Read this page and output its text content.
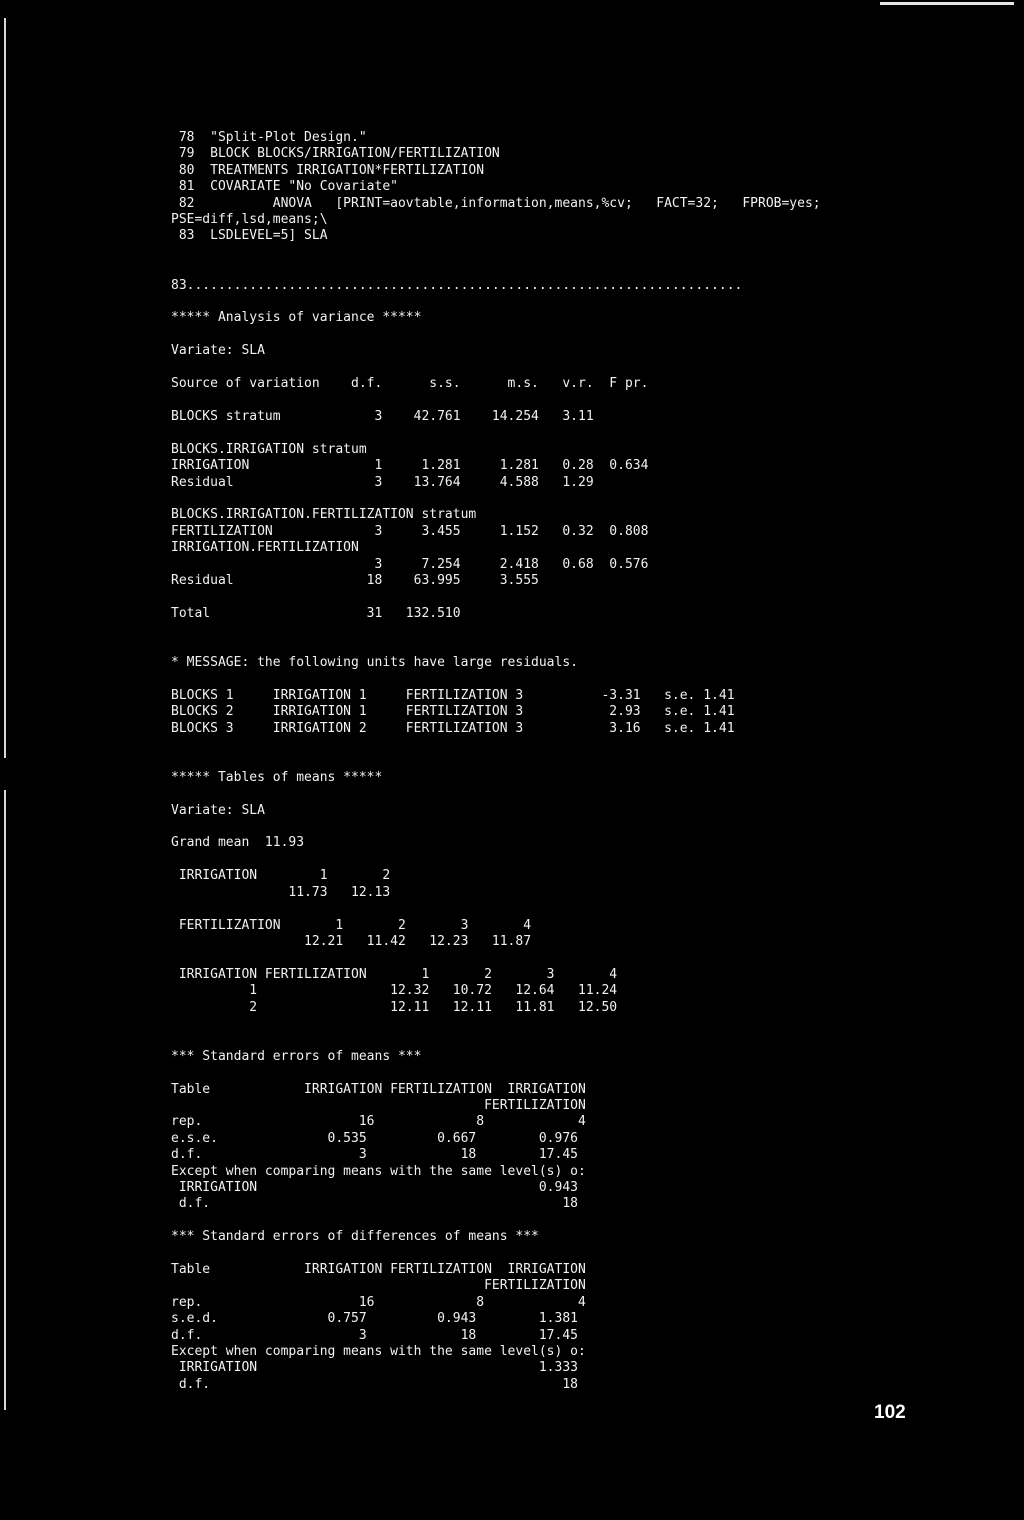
78  "Split-Plot Design."
79  BLOCK BLOCKS/IRRIGATION/FERTILIZATION
80  TREATMENTS IRRIGATION*FERTILIZATION
81  COVARIATE "No Covariate"
82          ANOVA   [PRINT=aovtable,information,means,%cv;   FACT=32;   FPROB=yes;
PSE=diff,lsd,means;\
83  LSDLEVEL=5] SLA

83.......................................................................

***** Analysis of variance *****

Variate: SLA

Source of variation    d.f.      s.s.      m.s.   v.r.  F pr.

BLOCKS stratum            3    42.761    14.254   3.11

BLOCKS.IRRIGATION stratum
IRRIGATION                1     1.281     1.281   0.28  0.634
Residual                  3    13.764     4.588   1.29

BLOCKS.IRRIGATION.FERTILIZATION stratum
FERTILIZATION             3     3.455     1.152   0.32  0.808
IRRIGATION.FERTILIZATION
3     7.254     2.418   0.68  0.576
Residual                 18    63.995     3.555

Total                    31   132.510

* MESSAGE: the following units have large residuals.

BLOCKS 1     IRRIGATION 1     FERTILIZATION 3          -3.31   s.e. 1.41
BLOCKS 2     IRRIGATION 1     FERTILIZATION 3           2.93   s.e. 1.41
BLOCKS 3     IRRIGATION 2     FERTILIZATION 3           3.16   s.e. 1.41

***** Tables of means *****

Variate: SLA

Grand mean  11.93

IRRIGATION        1       2
11.73   12.13

FERTILIZATION       1       2       3       4
12.21   11.42   12.23   11.87

IRRIGATION FERTILIZATION       1       2       3       4
1                 12.32   10.72   12.64   11.24
2                 12.11   12.11   11.81   12.50

*** Standard errors of means ***

Table            IRRIGATION FERTILIZATION  IRRIGATION
FERTILIZATION
rep.                    16             8            4
e.s.e.              0.535         0.667        0.976
d.f.                    3            18        17.45
Except when comparing means with the same level(s) o:
IRRIGATION                                    0.943
d.f.                                             18

*** Standard errors of differences of means ***

Table            IRRIGATION FERTILIZATION  IRRIGATION
FERTILIZATION
rep.                    16             8            4
s.e.d.              0.757         0.943        1.381
d.f.                    3            18        17.45
Except when comparing means with the same level(s) o:
IRRIGATION                                    1.333
d.f.                                             18

102
